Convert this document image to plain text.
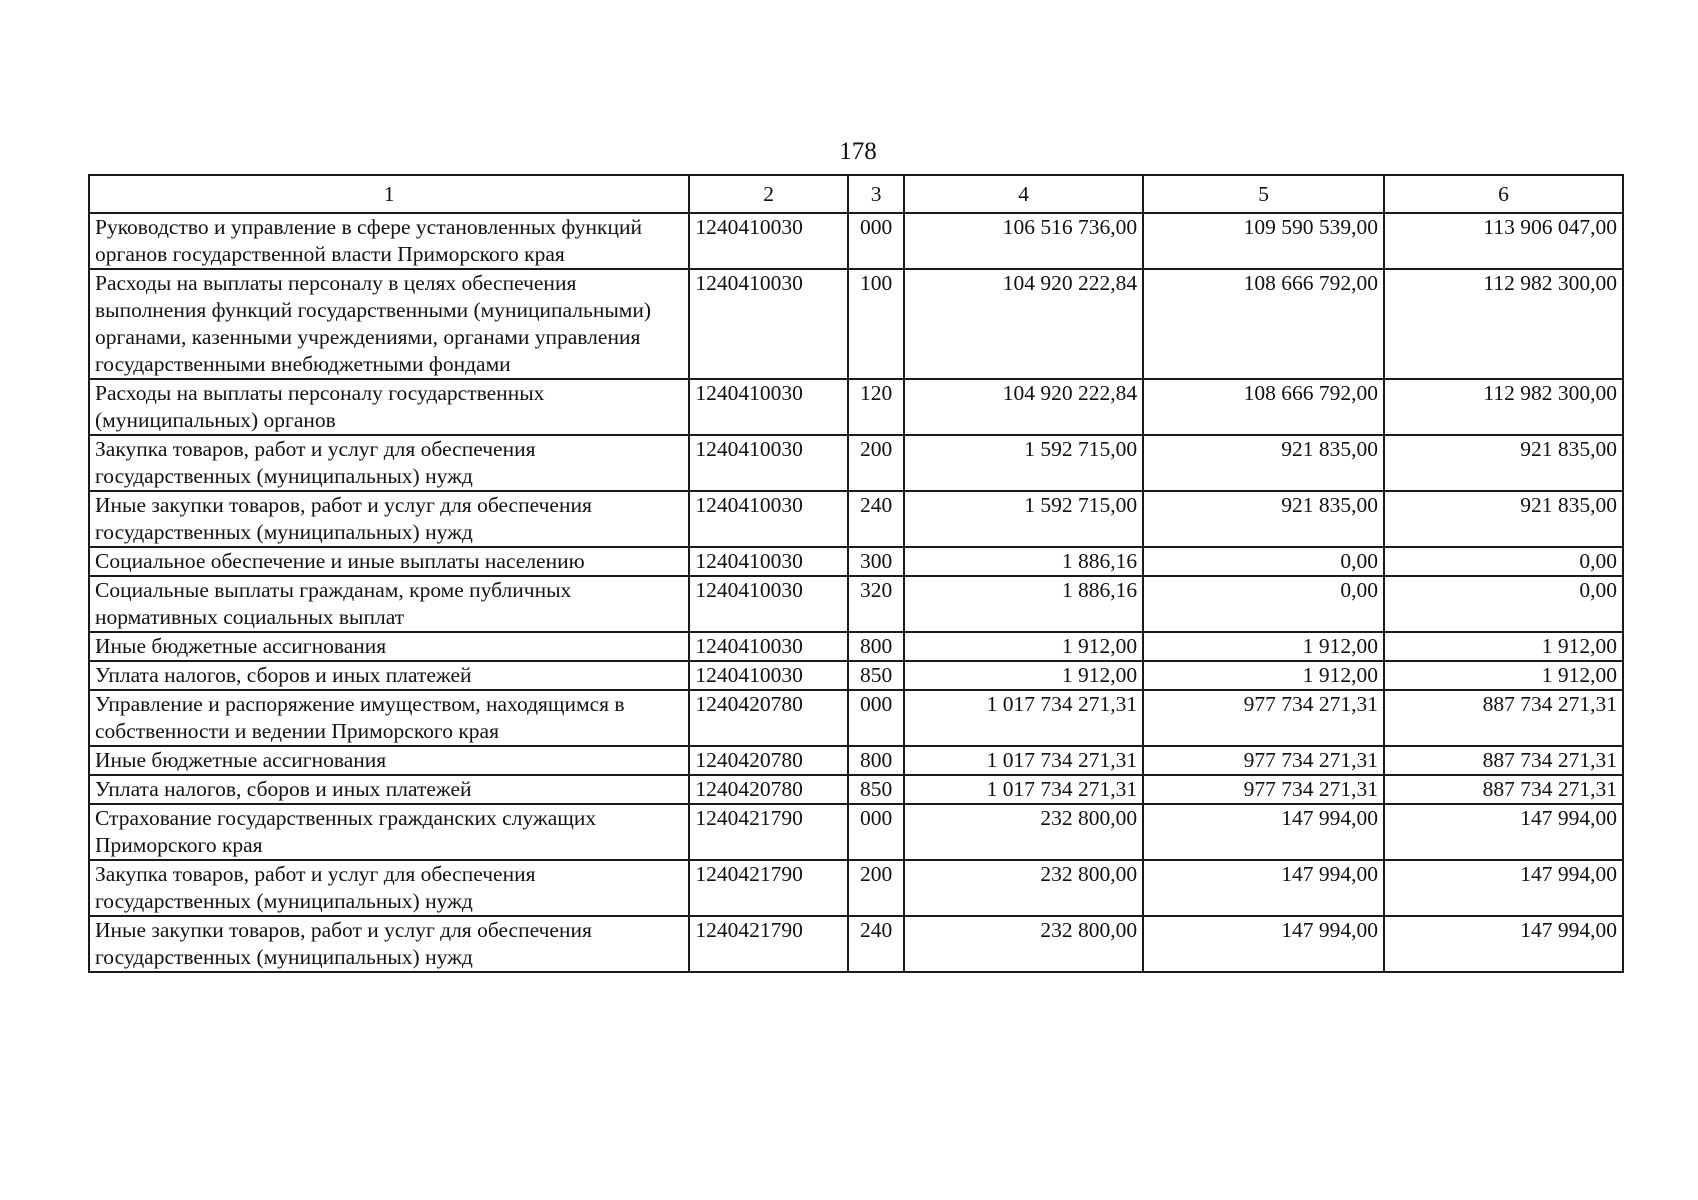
178
1	2	3	4	5	6
Руководство и управление в сфере установленных функций органов государственной власти Приморского края	1240410030	000	106 516 736,00	109 590 539,00	113 906 047,00
Расходы на выплаты персоналу в целях обеспечения выполнения функций государственными (муниципальными) органами, казенными учреждениями, органами управления государственными внебюджетными фондами	1240410030	100	104 920 222,84	108 666 792,00	112 982 300,00
Расходы на выплаты персоналу государственных (муниципальных) органов	1240410030	120	104 920 222,84	108 666 792,00	112 982 300,00
Закупка товаров, работ и услуг для обеспечения государственных (муниципальных) нужд	1240410030	200	1 592 715,00	921 835,00	921 835,00
Иные закупки товаров, работ и услуг для обеспечения государственных (муниципальных) нужд	1240410030	240	1 592 715,00	921 835,00	921 835,00
Социальное обеспечение и иные выплаты населению	1240410030	300	1 886,16	0,00	0,00
Социальные выплаты гражданам, кроме публичных нормативных социальных выплат	1240410030	320	1 886,16	0,00	0,00
Иные бюджетные ассигнования	1240410030	800	1 912,00	1 912,00	1 912,00
Уплата налогов, сборов и иных платежей	1240410030	850	1 912,00	1 912,00	1 912,00
Управление и распоряжение имуществом, находящимся в собственности и ведении Приморского края	1240420780	000	1 017 734 271,31	977 734 271,31	887 734 271,31
Иные бюджетные ассигнования	1240420780	800	1 017 734 271,31	977 734 271,31	887 734 271,31
Уплата налогов, сборов и иных платежей	1240420780	850	1 017 734 271,31	977 734 271,31	887 734 271,31
Страхование государственных гражданских служащих Приморского края	1240421790	000	232 800,00	147 994,00	147 994,00
Закупка товаров, работ и услуг для обеспечения государственных (муниципальных) нужд	1240421790	200	232 800,00	147 994,00	147 994,00
Иные закупки товаров, работ и услуг для обеспечения государственных (муниципальных) нужд	1240421790	240	232 800,00	147 994,00	147 994,00
